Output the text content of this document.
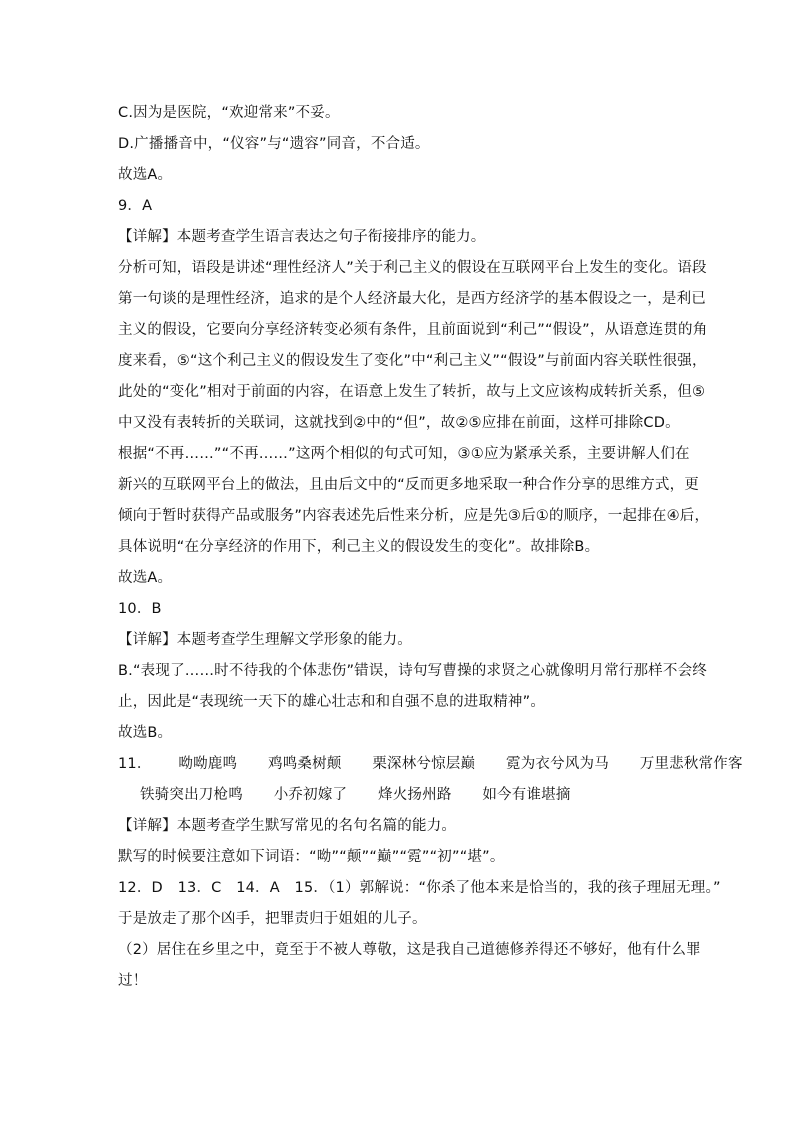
C.因为是医院，“欢迎常来”不妥。
D.广播播音中，“仪容”与“遗容”同音，不合适。
故选A。
9．A
【详解】本题考查学生语言表达之句子衔接排序的能力。
分析可知，语段是讲述“理性经济人”关于利己主义的假设在互联网平台上发生的变化。语段
第一句谈的是理性经济，追求的是个人经济最大化，是西方经济学的基本假设之一，是利已
主义的假设，它要向分享经济转变必须有条件，且前面说到“利己”“假设”，从语意连贯的角
度来看，⑤“这个利己主义的假设发生了变化”中“利己主义”“假设”与前面内容关联性很强，
此处的“变化”相对于前面的内容，在语意上发生了转折，故与上文应该构成转折关系，但⑤
中又没有表转折的关联词，这就找到②中的“但”，故②⑤应排在前面，这样可排除CD。
根据“不再……”“不再……”这两个相似的句式可知，③①应为紧承关系，主要讲解人们在
新兴的互联网平台上的做法，且由后文中的“反而更多地采取一种合作分享的思维方式，更
倾向于暂时获得产品或服务”内容表述先后性来分析，应是先③后①的顺序，一起排在④后，
具体说明“在分享经济的作用下，利己主义的假设发生的变化”。故排除B。
故选A。
10．B
【详解】本题考查学生理解文学形象的能力。
B.“表现了……时不待我的个体悲伤”错误，诗句写曹操的求贤之心就像明月常行那样不会终
止，因此是“表现统一天下的雄心壮志和和自强不息的进取精神”。
故选B。
11． 呦呦鹿鸣 鸡鸣桑树颠 栗深林兮惊层巅 霓为衣兮风为马 万里悲秋常作客
铁骑突出刀枪鸣 小乔初嫁了 烽火扬州路 如今有谁堪摘
【详解】本题考查学生默写常见的名句名篇的能力。
默写的时候要注意如下词语：“呦”“颠”“巅”“霓”“初”“堪”。
12．D　13．C　14．A　15．（1）郭解说：“你杀了他本来是恰当的，我的孩子理屈无理。”
于是放走了那个凶手，把罪责归于姐姐的儿子。
（2）居住在乡里之中，竟至于不被人尊敬，这是我自己道德修养得还不够好，他有什么罪
过！
